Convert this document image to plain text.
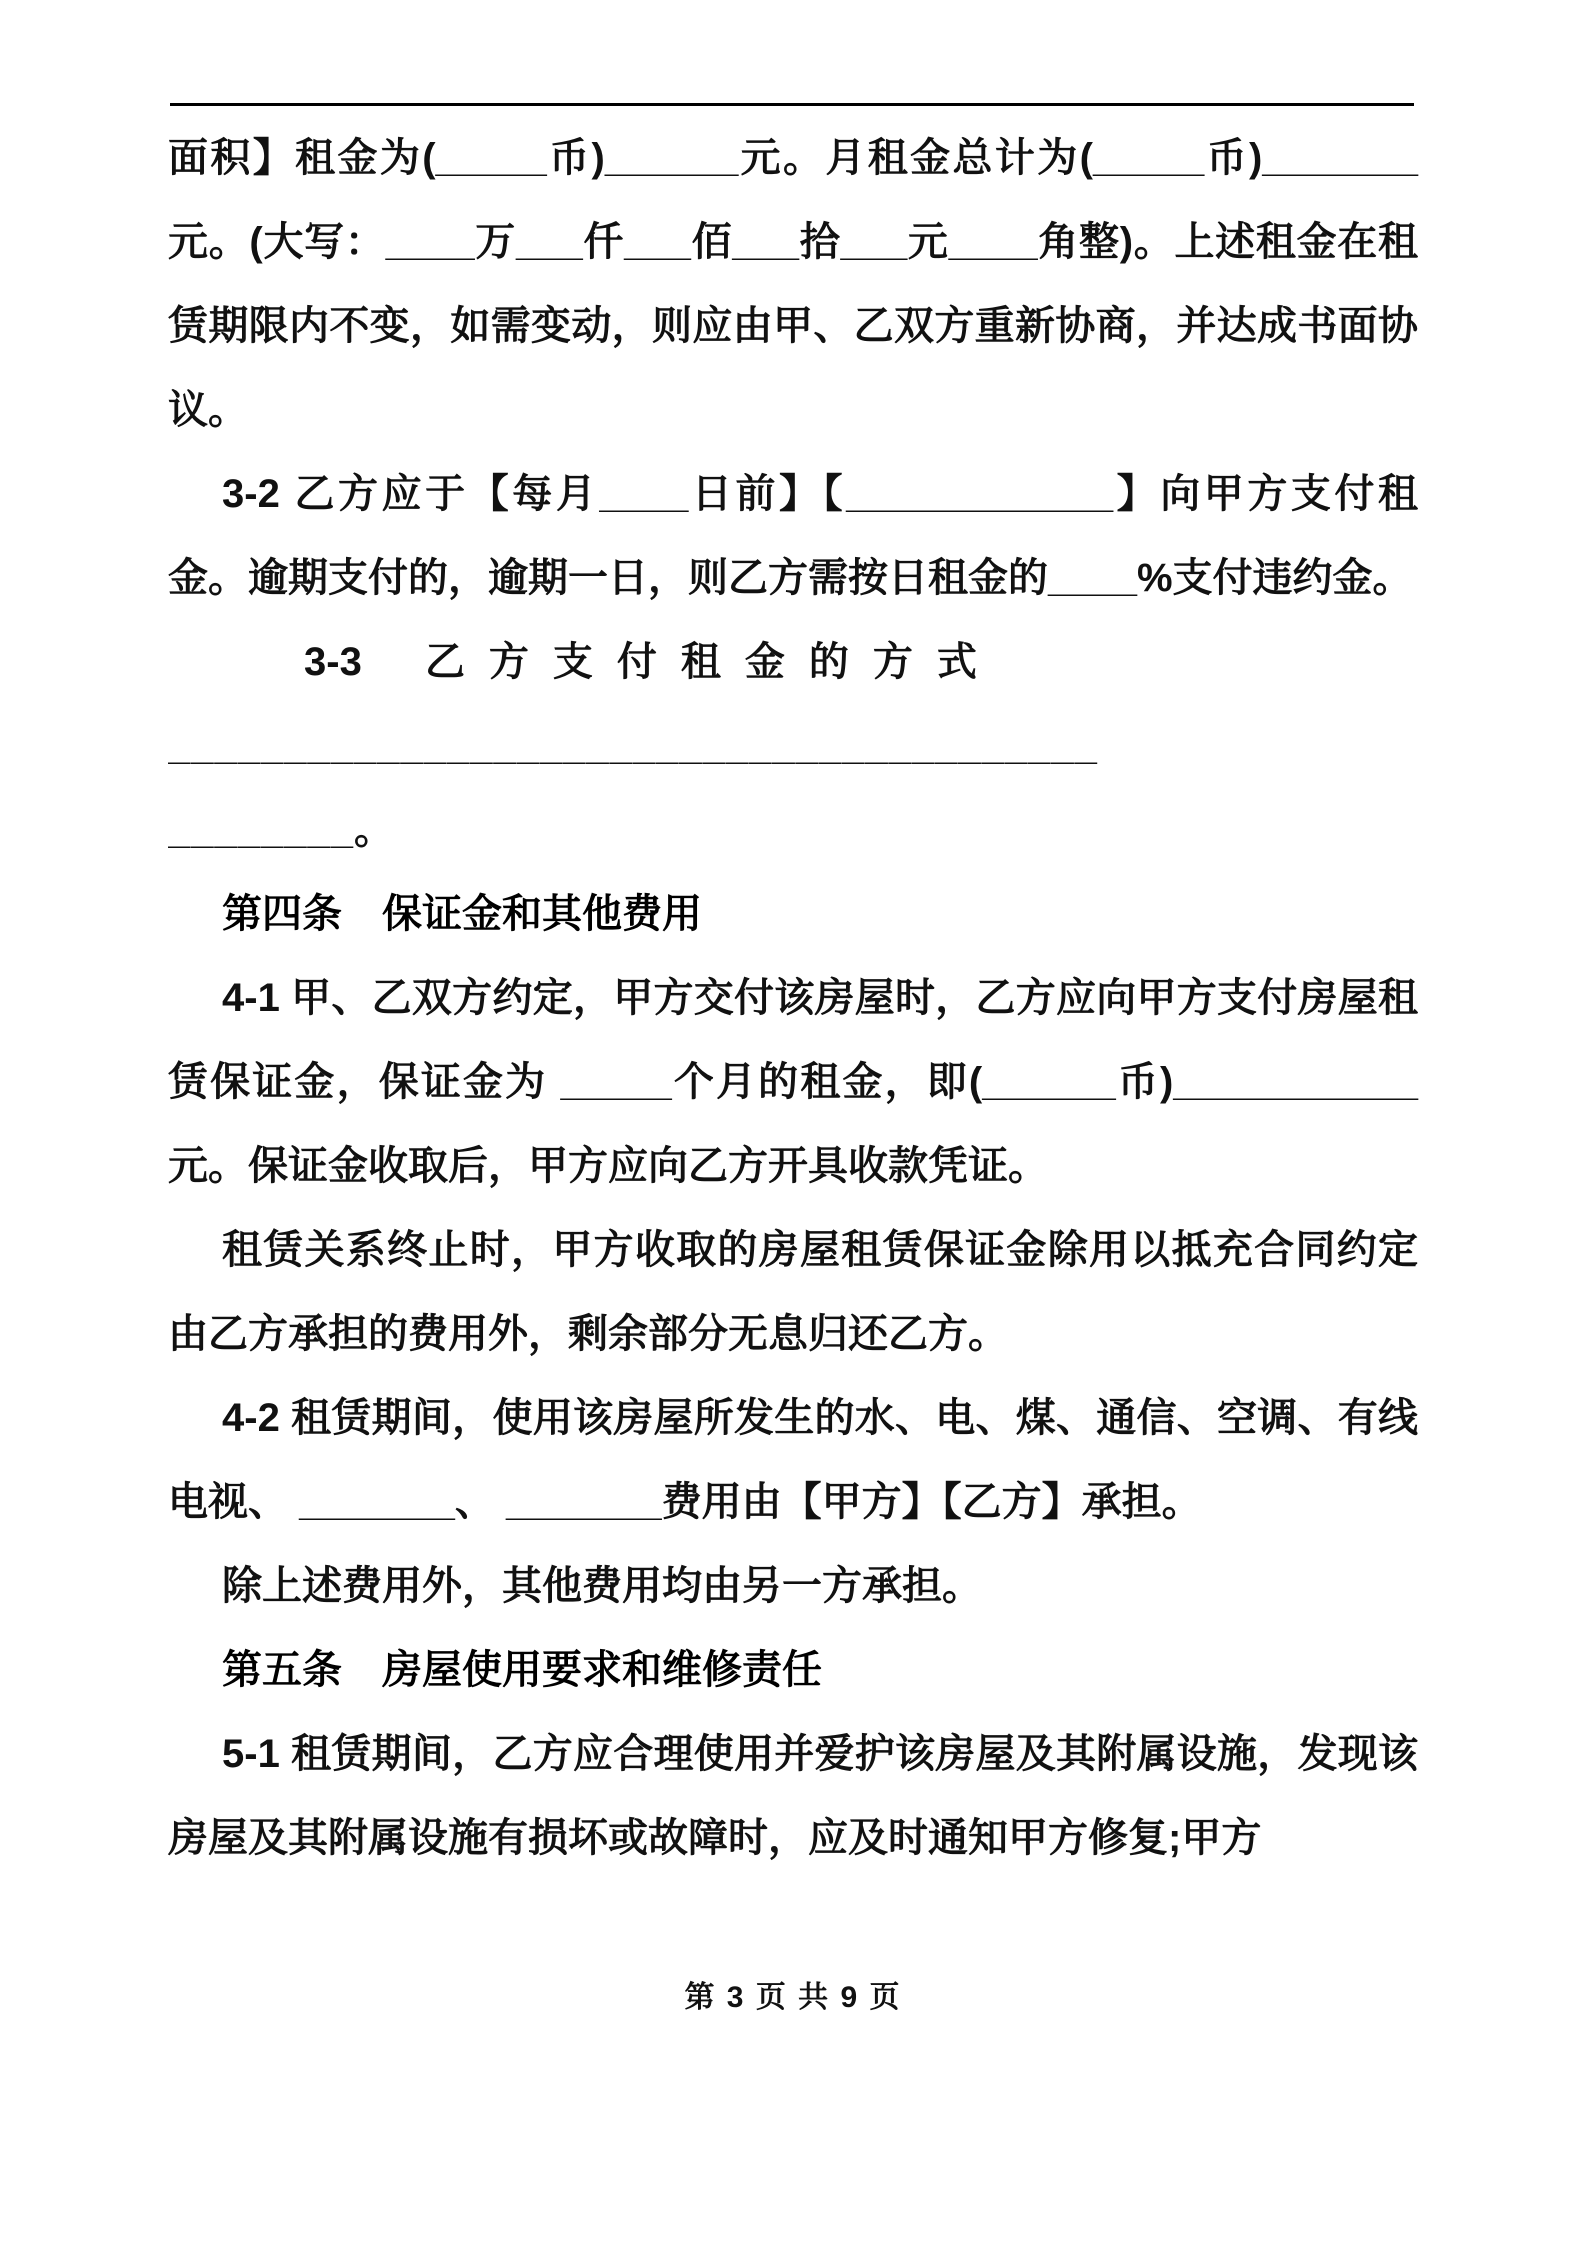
面积】租金为(_____币)______元。月租金总计为(_____币)_______元。(大写：____万___仟___佰___拾___元____角整)。上述租金在租赁期限内不变，如需变动，则应由甲、乙双方重新协商，并达成书面协议。

3-2 乙方应于【每月____日前】【____________】向甲方支付租金。逾期支付的，逾期一日，则乙方需按日租金的____%支付违约金。

3-3 乙方支付租金的方式

________________________________________

________。

第四条　保证金和其他费用

4-1 甲、乙双方约定，甲方交付该房屋时，乙方应向甲方支付房屋租赁保证金，保证金为 _____个月的租金，即(______币)___________元。保证金收取后，甲方应向乙方开具收款凭证。

租赁关系终止时，甲方收取的房屋租赁保证金除用以抵充合同约定由乙方承担的费用外，剩余部分无息归还乙方。

4-2 租赁期间，使用该房屋所发生的水、电、煤、通信、空调、有线电视、 _______、 _______费用由【甲方】【乙方】承担。

除上述费用外，其他费用均由另一方承担。

第五条　房屋使用要求和维修责任

5-1 租赁期间，乙方应合理使用并爱护该房屋及其附属设施，发现该房屋及其附属设施有损坏或故障时，应及时通知甲方修复;甲方

第 3 页 共 9 页
